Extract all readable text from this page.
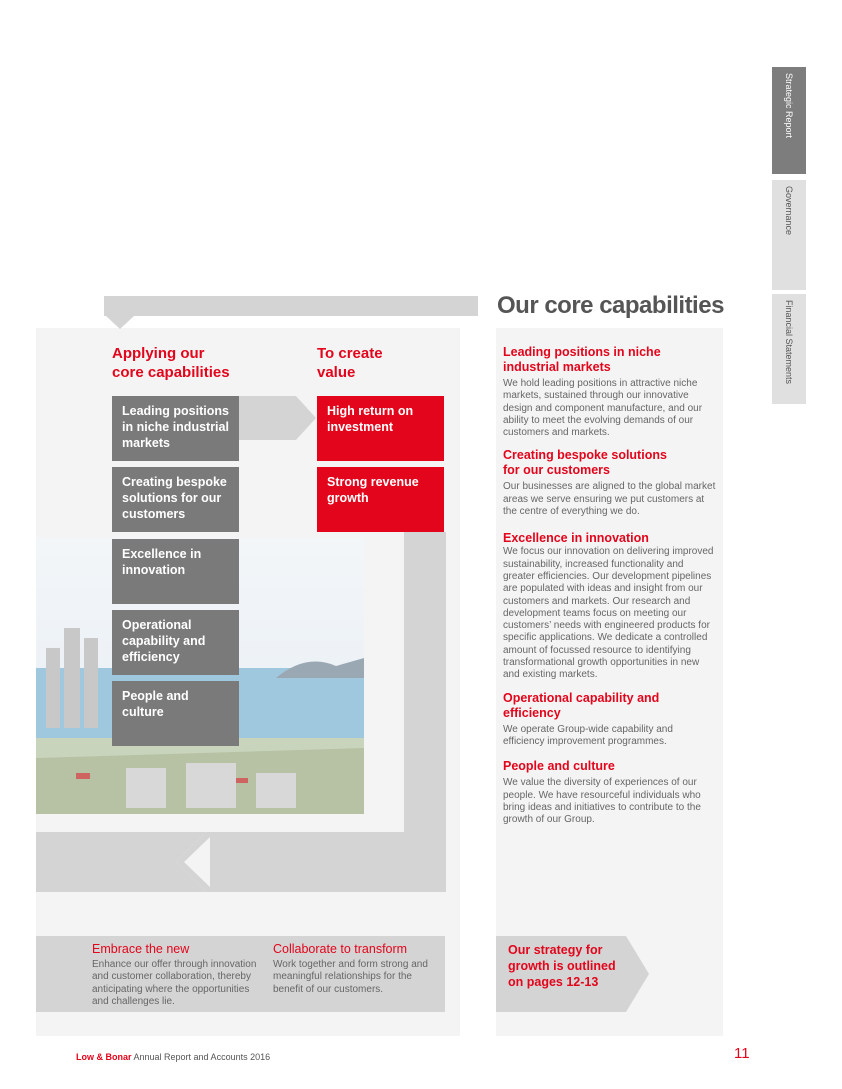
Strategic Report
Governance
Financial Statements
Applying our
core capabilities
To create
value
Leading positions
in niche industrial
markets
Creating bespoke
solutions for our
customers
Excellence in
innovation
Operational
capability and
efficiency
People and
culture
High return on
investment
Strong revenue
growth
Embrace the new
Enhance our offer through innovation and customer collaboration, thereby anticipating where the opportunities and challenges lie.
Collaborate to transform
Work together and form strong and meaningful relationships for the benefit of our customers.
Our core capabilities
Leading positions in niche
industrial markets
We hold leading positions in attractive niche markets, sustained through our innovative design and component manufacture, and our ability to meet the evolving demands of our customers and markets.
Creating bespoke solutions
for our customers
Our businesses are aligned to the global market areas we serve ensuring we put customers at the centre of everything we do.
Excellence in innovation
We focus our innovation on delivering improved sustainability, increased functionality and greater efficiencies. Our development pipelines are populated with ideas and insight from our customers and markets. Our research and development teams focus on meeting our customers’ needs with engineered products for specific applications. We dedicate a controlled amount of focussed resource to identifying transformational growth opportunities in new and existing markets.
Operational capability and efficiency
We operate Group-wide capability and efficiency improvement programmes.
People and culture
We value the diversity of experiences of our people. We have resourceful individuals who bring ideas and initiatives to contribute to the growth of our Group.
Our strategy for
growth is outlined
on pages 12-13
Low & Bonar Annual Report and Accounts 2016	11
